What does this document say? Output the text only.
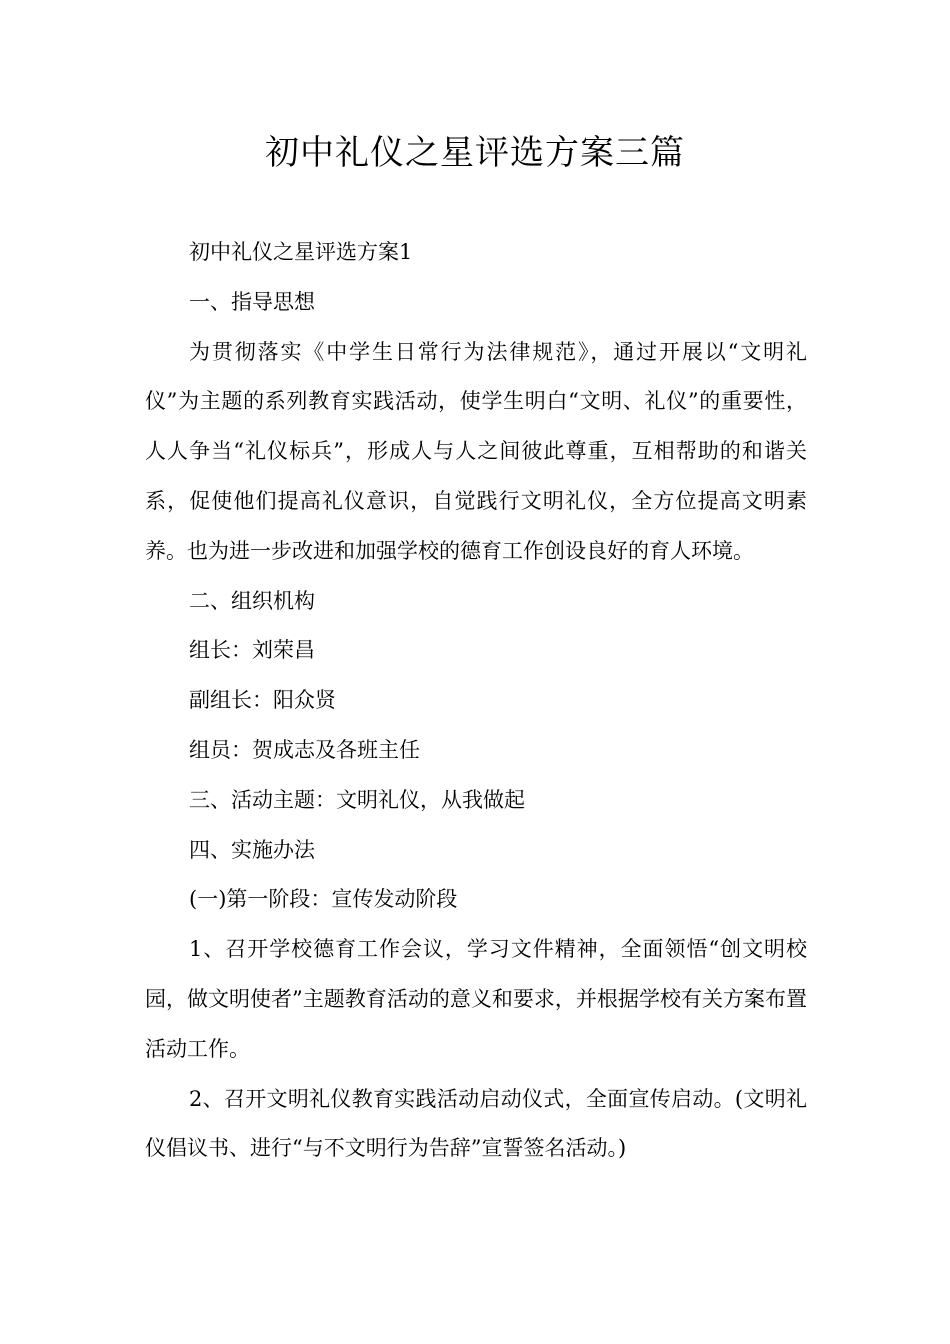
初中礼仪之星评选方案三篇

初中礼仪之星评选方案1

一、指导思想

为贯彻落实《中学生日常行为法律规范》，通过开展以“文明礼仪”为主题的系列教育实践活动，使学生明白“文明、礼仪”的重要性，人人争当“礼仪标兵”，形成人与人之间彼此尊重，互相帮助的和谐关系，促使他们提高礼仪意识，自觉践行文明礼仪，全方位提高文明素养。也为进一步改进和加强学校的德育工作创设良好的育人环境。

二、组织机构

组长：刘荣昌

副组长：阳众贤

组员：贺成志及各班主任

三、活动主题：文明礼仪，从我做起

四、实施办法

(一)第一阶段：宣传发动阶段

1、召开学校德育工作会议，学习文件精神，全面领悟“创文明校园，做文明使者”主题教育活动的意义和要求，并根据学校有关方案布置活动工作。

2、召开文明礼仪教育实践活动启动仪式，全面宣传启动。(文明礼仪倡议书、进行“与不文明行为告辞”宣誓签名活动。)
